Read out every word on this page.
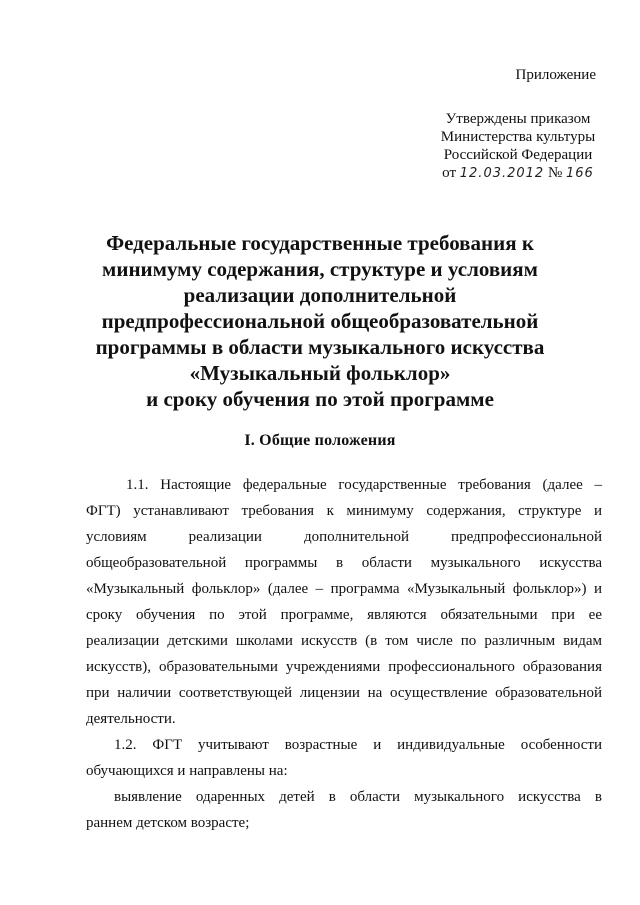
Приложение
Утверждены приказом
Министерства культуры
Российской Федерации
от 12.03.2012 № 166
Федеральные государственные требования к
минимуму содержания, структуре и условиям
реализации дополнительной
предпрофессиональной общеобразовательной
программы в области музыкального искусства
«Музыкальный фольклор»
и сроку обучения по этой программе
I. Общие положения
1.1. Настоящие федеральные государственные требования (далее –
ФГТ) устанавливают требования к минимуму содержания, структуре и
условиям реализации дополнительной предпрофессиональной
общеобразовательной программы в области музыкального искусства
«Музыкальный фольклор» (далее – программа «Музыкальный фольклор») и
сроку обучения по этой программе, являются обязательными при ее
реализации детскими школами искусств (в том числе по различным видам
искусств), образовательными учреждениями профессионального образования
при наличии соответствующей лицензии на осуществление образовательной
деятельности.
1.2. ФГТ учитывают возрастные и индивидуальные особенности
обучающихся и направлены на:
выявление одаренных детей в области музыкального искусства в
раннем детском возрасте;
